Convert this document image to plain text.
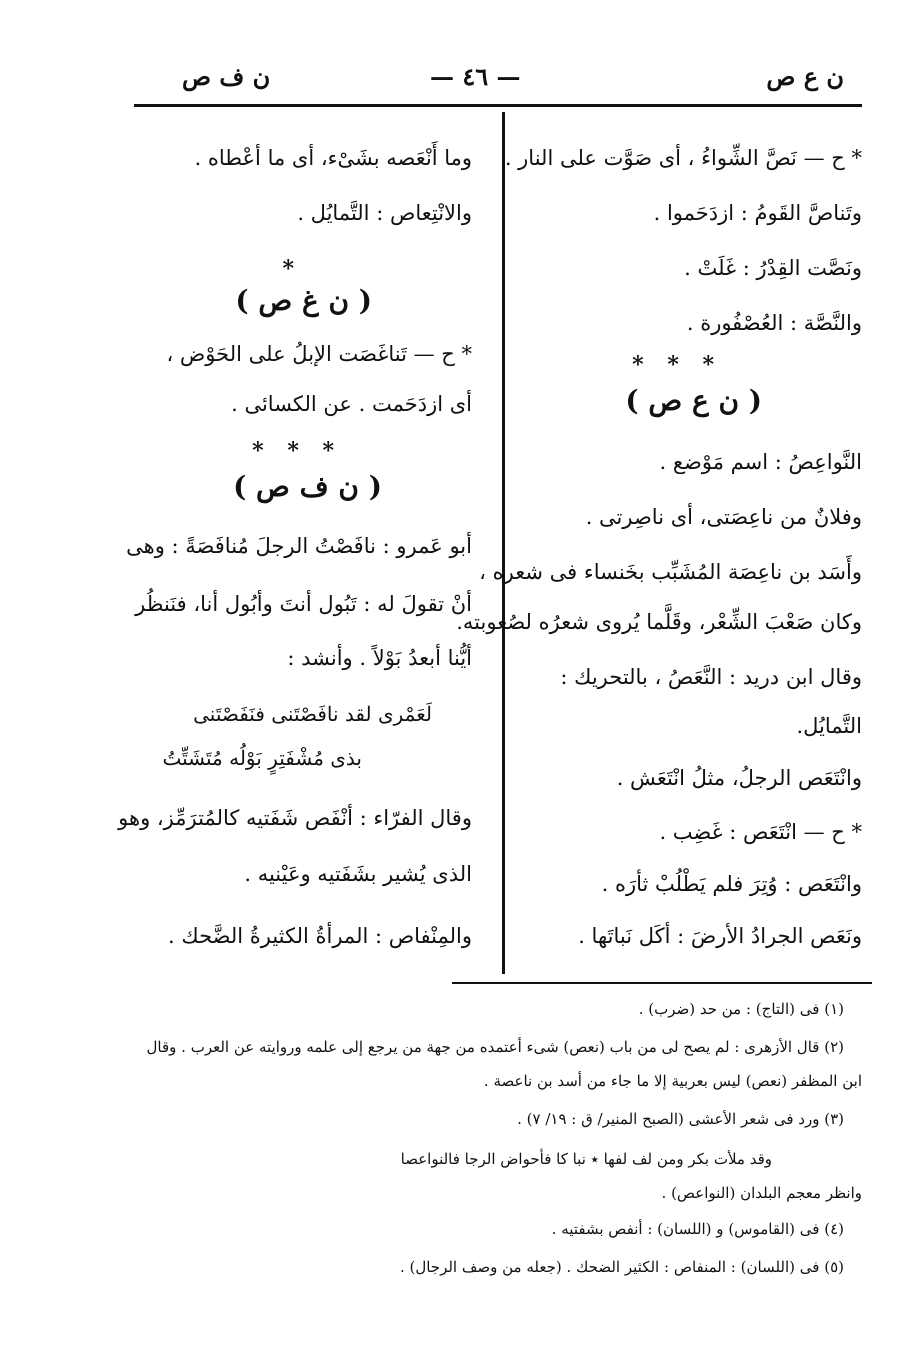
ن ع ص
— ٤٦ —
ن ف ص
* ح — نَصَّ الشِّواءُ ، أى صَوَّت على النار .
وتَناصَّ القَومُ : ازدَحَموا .
ونَصَّت القِدْرُ : غَلَتْ .
والنَّصَّة : العُصْفُورة .
* * *
( ن ع ص )
النَّواعِصُ : اسم مَوْضع .
وفلانٌ من ناعِصَتى، أى ناصِرتى .
وأَسَد بن ناعِصَة المُشَبِّب بخَنساء فى شعره ،
وكان صَعْبَ الشِّعْر، وقَلَّما يُروى شعرُه لصُعوبته.
وقال ابن دريد : النَّعَصُ ، بالتحريك :
التَّمايُل.
وانْتَعَص الرجلُ، مثلُ انْتَعَش .
* ح — انْتَعَص : غَضِب .
وانْتَعَص : وُتِرَ فلم يَطْلُبْ ثأرَه .
ونَعَص الجرادُ الأرضَ : أكَل نَباتَها .
وما أَنْعَصه بشَىْء، أى ما أعْطاه .
والانْتِعاص : التَّمايُل .
*
( ن غ ص )
* ح — تَناغَصَت الإبلُ على الحَوْض ،
أى ازدَحَمت . عن الكسائى .
* * *
( ن ف ص )
أبو عَمرو : نافَصْتُ الرجلَ مُنافَصَةً : وهى
أنْ تقولَ له : تَبُول أنتَ وأبُول أنا، فنَنظُر
أيُّنا أبعدُ بَوْلاً . وأنشد :
لَعَمْرى لقد نافَصْتَنى فنَفَصْتَنى
بذى مُشْفَتِرٍ بَوْلُه مُتَشَتِّتُ
وقال الفرّاء : أنْفَص شَفَتيه كالمُترَمِّز، وهو
الذى يُشير بشَفَتيه وعَيْنيه .
والمِنْفاص : المرأةُ الكثيرةُ الضَّحك .
(١) فى (التاج) : من حد (ضرب) .
(٢) قال الأزهرى : لم يصح لى من باب (نعص) شىء أعتمده من جهة من يرجع إلى علمه وروايته عن العرب . وقال
ابن المظفر (نعص) ليس بعربية إلا ما جاء من أسد بن ناعصة .
(٣) ورد فى شعر الأعشى (الصبح المنير/ ق : ١٩/ ٧) .
وقد ملأت بكر ومن لف لفها ٭ نبا كا فأحواض الرجا فالنواعصا
وانظر معجم البلدان (النواعص) .
(٤) فى (القاموس) و (اللسان) : أنفص بشفتيه .
(٥) فى (اللسان) : المنفاص : الكثير الضحك . (جعله من وصف الرجال) .
